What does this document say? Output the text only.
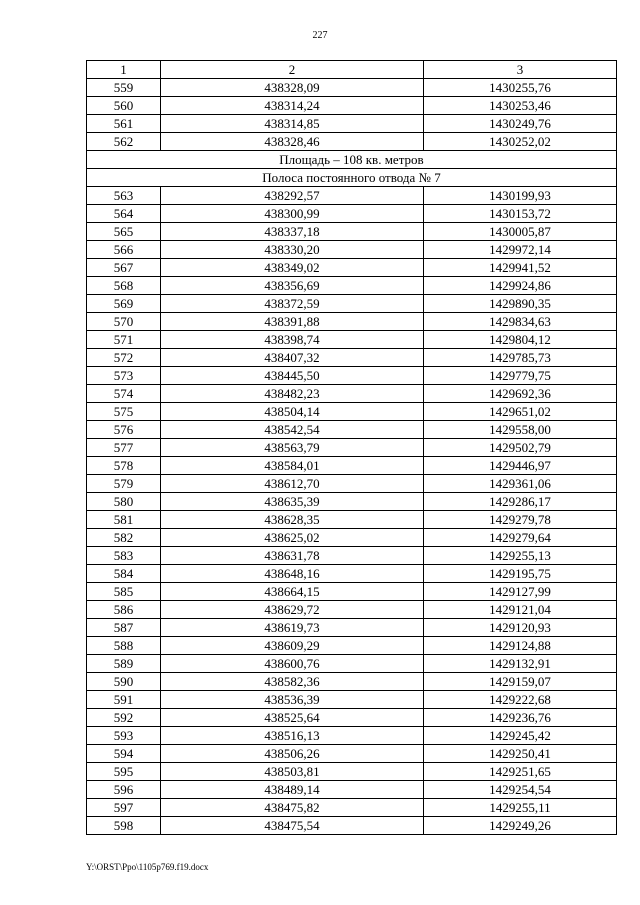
227
1	2	3
559	438328,09	1430255,76
560	438314,24	1430253,46
561	438314,85	1430249,76
562	438328,46	1430252,02
Площадь – 108 кв. метров		
Полоса постоянного отвода № 7		
563	438292,57	1430199,93
564	438300,99	1430153,72
565	438337,18	1430005,87
566	438330,20	1429972,14
567	438349,02	1429941,52
568	438356,69	1429924,86
569	438372,59	1429890,35
570	438391,88	1429834,63
571	438398,74	1429804,12
572	438407,32	1429785,73
573	438445,50	1429779,75
574	438482,23	1429692,36
575	438504,14	1429651,02
576	438542,54	1429558,00
577	438563,79	1429502,79
578	438584,01	1429446,97
579	438612,70	1429361,06
580	438635,39	1429286,17
581	438628,35	1429279,78
582	438625,02	1429279,64
583	438631,78	1429255,13
584	438648,16	1429195,75
585	438664,15	1429127,99
586	438629,72	1429121,04
587	438619,73	1429120,93
588	438609,29	1429124,88
589	438600,76	1429132,91
590	438582,36	1429159,07
591	438536,39	1429222,68
592	438525,64	1429236,76
593	438516,13	1429245,42
594	438506,26	1429250,41
595	438503,81	1429251,65
596	438489,14	1429254,54
597	438475,82	1429255,11
598	438475,54	1429249,26
Y:\ORST\Ppo\1105p769.f19.docx
